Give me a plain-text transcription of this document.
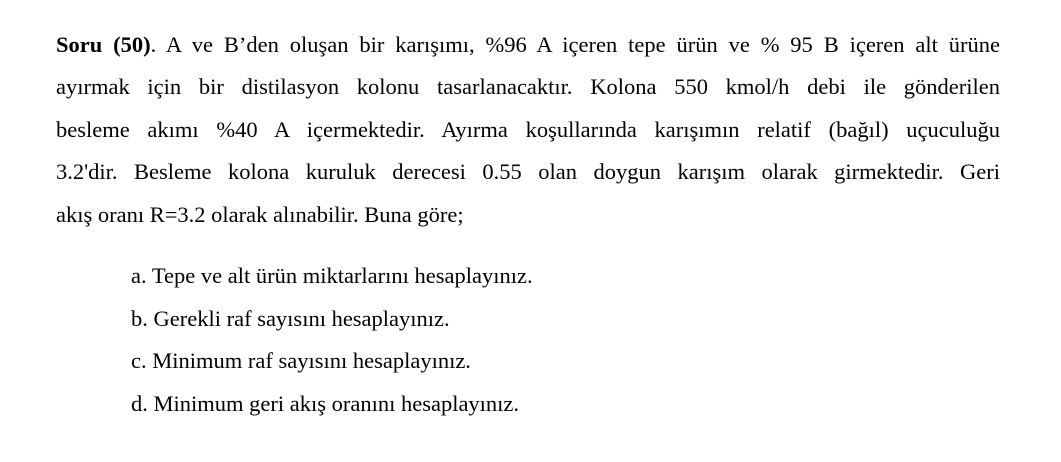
Soru (50). A ve B’den oluşan bir karışımı, %96 A içeren tepe ürün ve % 95 B içeren alt ürüne
ayırmak için bir distilasyon kolonu tasarlanacaktır. Kolona 550 kmol/h debi ile gönderilen
besleme akımı %40 A içermektedir. Ayırma koşullarında karışımın relatif (bağıl) uçuculuğu
3.2'dir. Besleme kolona kuruluk derecesi 0.55 olan doygun karışım olarak girmektedir. Geri
akış oranı R=3.2 olarak alınabilir. Buna göre;
a. Tepe ve alt ürün miktarlarını hesaplayınız.
b. Gerekli raf sayısını hesaplayınız.
c. Minimum raf sayısını hesaplayınız.
d. Minimum geri akış oranını hesaplayınız.
